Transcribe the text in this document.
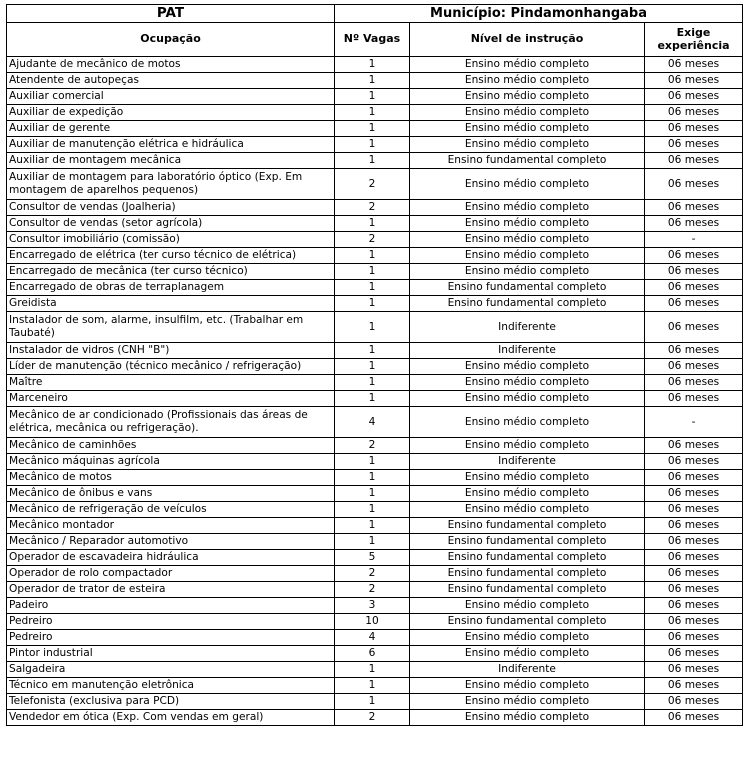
PAT	Município: Pindamonhangaba		
Ocupação	Nº Vagas	Nível de instrução	Exige experiência
Ajudante de mecânico de motos	1	Ensino médio completo	06 meses
Atendente de autopeças	1	Ensino médio completo	06 meses
Auxiliar comercial	1	Ensino médio completo	06 meses
Auxiliar de expedição	1	Ensino médio completo	06 meses
Auxiliar de gerente	1	Ensino médio completo	06 meses
Auxiliar de manutenção elétrica e hidráulica	1	Ensino médio completo	06 meses
Auxiliar de montagem mecânica	1	Ensino fundamental completo	06 meses
Auxiliar de montagem para laboratório óptico (Exp. Em montagem de aparelhos pequenos)	2	Ensino médio completo	06 meses
Consultor de vendas (Joalheria)	2	Ensino médio completo	06 meses
Consultor de vendas (setor agrícola)	1	Ensino médio completo	06 meses
Consultor imobiliário (comissão)	2	Ensino médio completo	-
Encarregado de elétrica (ter curso técnico de elétrica)	1	Ensino médio completo	06 meses
Encarregado de mecânica (ter curso técnico)	1	Ensino médio completo	06 meses
Encarregado de obras de terraplanagem	1	Ensino fundamental completo	06 meses
Greidista	1	Ensino fundamental completo	06 meses
Instalador de som, alarme, insulfilm, etc. (Trabalhar em Taubaté)	1	Indiferente	06 meses
Instalador de vidros (CNH "B")	1	Indiferente	06 meses
Líder de manutenção (técnico mecânico / refrigeração)	1	Ensino médio completo	06 meses
Maître	1	Ensino médio completo	06 meses
Marceneiro	1	Ensino médio completo	06 meses
Mecânico de ar condicionado (Profissionais das áreas de elétrica, mecânica ou refrigeração).	4	Ensino médio completo	-
Mecânico de caminhões	2	Ensino médio completo	06 meses
Mecânico máquinas agrícola	1	Indiferente	06 meses
Mecânico de motos	1	Ensino médio completo	06 meses
Mecânico de ônibus e vans	1	Ensino médio completo	06 meses
Mecânico de refrigeração de veículos	1	Ensino médio completo	06 meses
Mecânico montador	1	Ensino fundamental completo	06 meses
Mecânico / Reparador automotivo	1	Ensino fundamental completo	06 meses
Operador de escavadeira hidráulica	5	Ensino fundamental completo	06 meses
Operador de rolo compactador	2	Ensino fundamental completo	06 meses
Operador de trator de esteira	2	Ensino fundamental completo	06 meses
Padeiro	3	Ensino médio completo	06 meses
Pedreiro	10	Ensino fundamental completo	06 meses
Pedreiro	4	Ensino médio completo	06 meses
Pintor industrial	6	Ensino médio completo	06 meses
Salgadeira	1	Indiferente	06 meses
Técnico em manutenção eletrônica	1	Ensino médio completo	06 meses
Telefonista (exclusiva para PCD)	1	Ensino médio completo	06 meses
Vendedor em ótica (Exp. Com vendas em geral)	2	Ensino médio completo	06 meses
